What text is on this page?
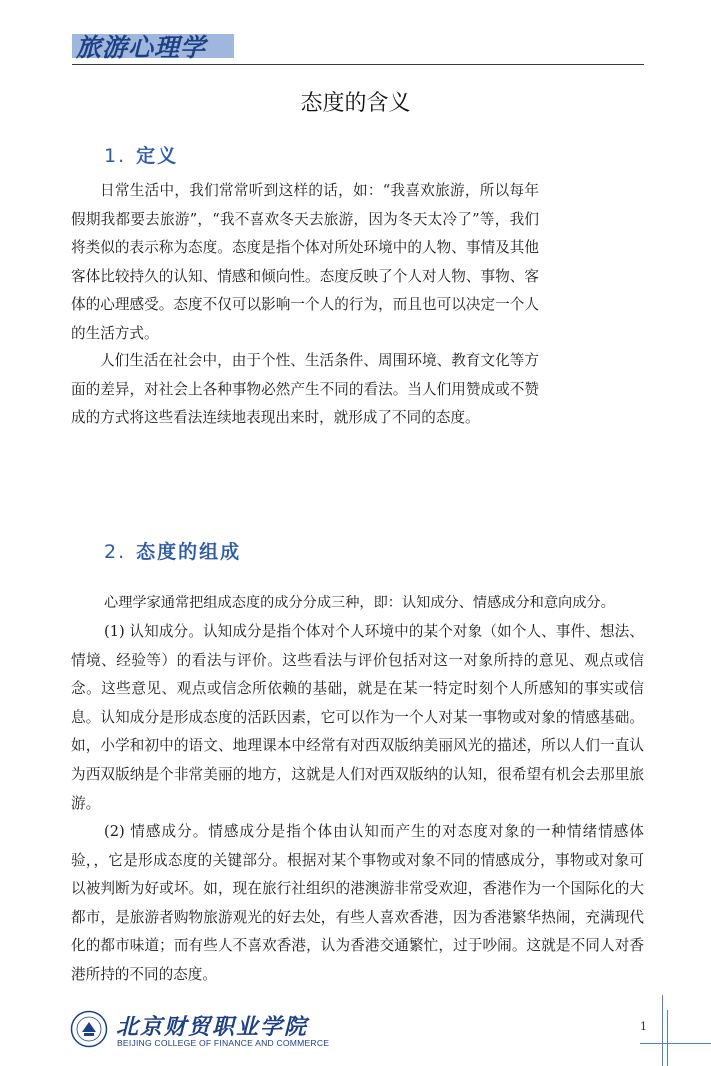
旅游心理学
态度的含义
1. 定义

日常生活中，我们常常听到这样的话，如：“我喜欢旅游，所以每年假期我都要去旅游”，“我不喜欢冬天去旅游，因为冬天太冷了”等，我们将类似的表示称为态度。态度是指个体对所处环境中的人物、事情及其他客体比较持久的认知、情感和倾向性。态度反映了个人对人物、事物、客体的心理感受。态度不仅可以影响一个人的行为，而且也可以决定一个人的生活方式。

人们生活在社会中，由于个性、生活条件、周围环境、教育文化等方面的差异，对社会上各种事物必然产生不同的看法。当人们用赞成或不赞成的方式将这些看法连续地表现出来时，就形成了不同的态度。

2. 态度的组成

心理学家通常把组成态度的成分分成三种，即：认知成分、情感成分和意向成分。

(1) 认知成分。认知成分是指个体对个人环境中的某个对象（如个人、事件、想法、情境、经验等）的看法与评价。这些看法与评价包括对这一对象所持的意见、观点或信念。这些意见、观点或信念所依赖的基础，就是在某一特定时刻个人所感知的事实或信息。认知成分是形成态度的活跃因素，它可以作为一个人对某一事物或对象的情感基础。如，小学和初中的语文、地理课本中经常有对西双版纳美丽风光的描述，所以人们一直认为西双版纳是个非常美丽的地方，这就是人们对西双版纳的认知，很希望有机会去那里旅游。

(2) 情感成分。情感成分是指个体由认知而产生的对态度对象的一种情绪情感体验，，它是形成态度的关键部分。根据对某个事物或对象不同的情感成分，事物或对象可以被判断为好或坏。如，现在旅行社组织的港澳游非常受欢迎，香港作为一个国际化的大都市，是旅游者购物旅游观光的好去处，有些人喜欢香港，因为香港繁华热闹，充满现代化的都市味道；而有些人不喜欢香港，认为香港交通繁忙，过于吵闹。这就是不同人对香港所持的不同的态度。

北京财贸职业学院
BEIJING COLLEGE OF FINANCE AND COMMERCE
1
